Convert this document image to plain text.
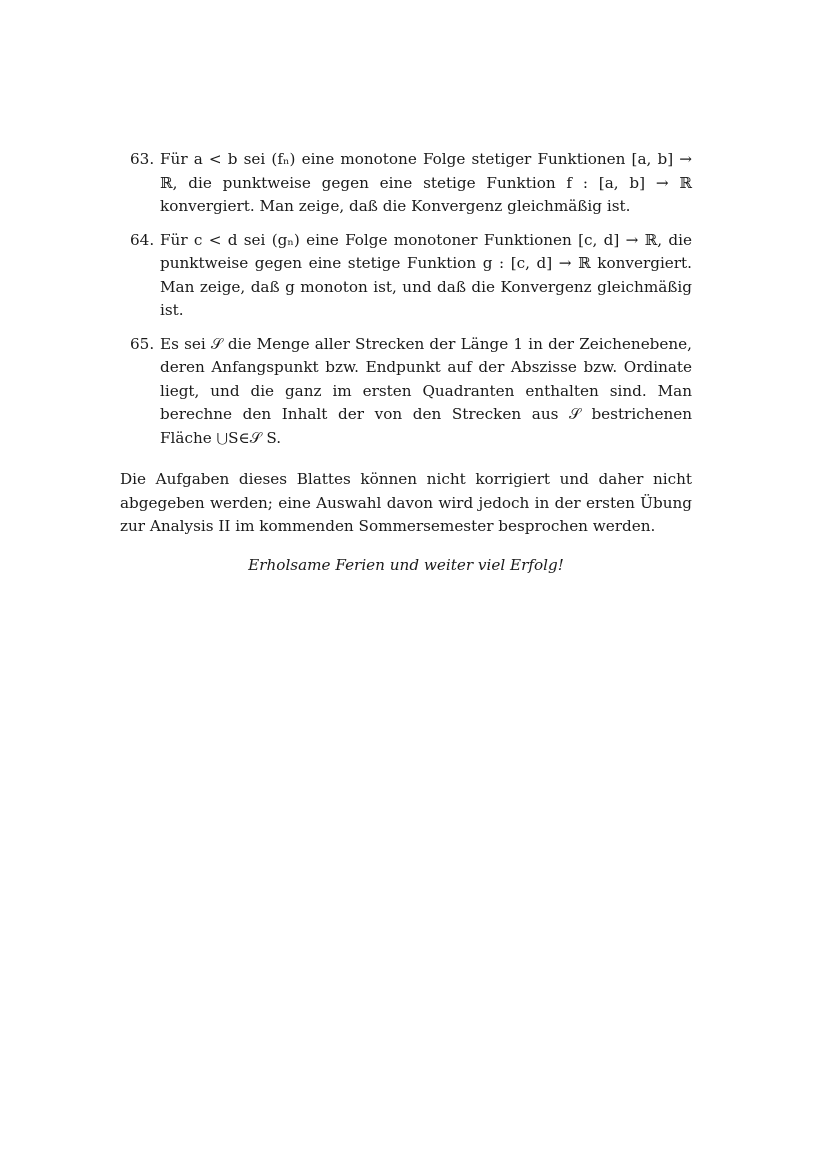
63. Für a < b sei (fₙ) eine monotone Folge stetiger Funktionen [a, b] → ℝ, die punktweise gegen eine stetige Funktion f : [a, b] → ℝ konvergiert. Man zeige, daß die Konvergenz gleichmäßig ist.
64. Für c < d sei (gₙ) eine Folge monotoner Funktionen [c, d] → ℝ, die punktweise gegen eine stetige Funktion g : [c, d] → ℝ konvergiert. Man zeige, daß g monoton ist, und daß die Konvergenz gleichmäßig ist.
65. Es sei 𝒮 die Menge aller Strecken der Länge 1 in der Zeichenebene, deren Anfangspunkt bzw. Endpunkt auf der Abszisse bzw. Ordinate liegt, und die ganz im ersten Quadranten enthalten sind. Man berechne den Inhalt der von den Strecken aus 𝒮 bestrichenen Fläche ⋃S∈𝒮 S.

Die Aufgaben dieses Blattes können nicht korrigiert und daher nicht abgegeben werden; eine Auswahl davon wird jedoch in der ersten Übung zur Analysis II im kommenden Sommersemester besprochen werden.

Erholsame Ferien und weiter viel Erfolg!
